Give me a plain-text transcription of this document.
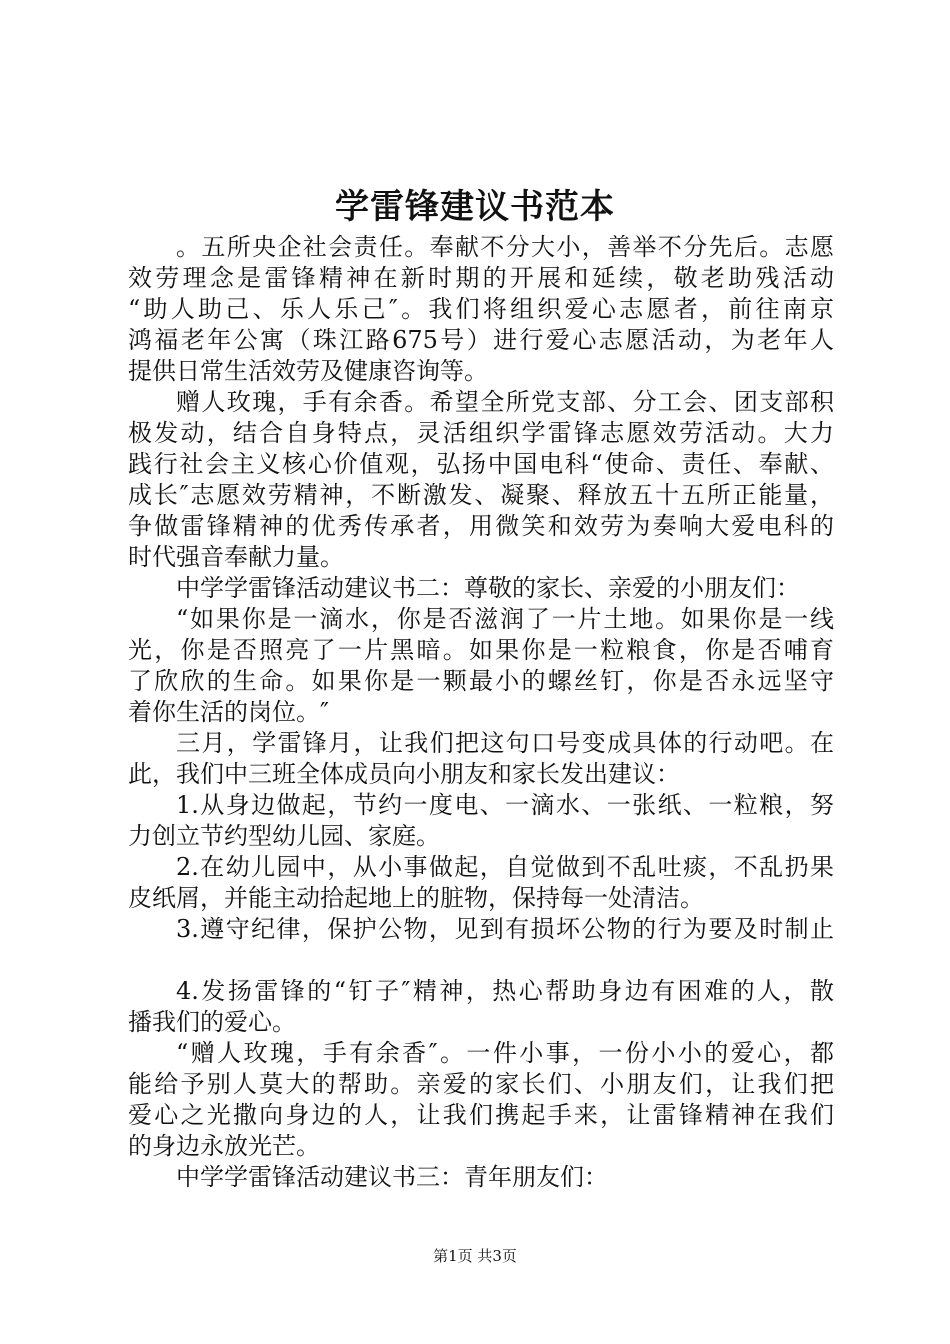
学雷锋建议书范本
。五所央企社会责任。奉献不分大小，善举不分先后。志愿
效劳理念是雷锋精神在新时期的开展和延续，敬老助残活动
“助人助己、乐人乐己″。我们将组织爱心志愿者，前往南京
鸿福老年公寓（珠江路675号）进行爱心志愿活动，为老年人
提供日常生活效劳及健康咨询等。
赠人玫瑰，手有余香。希望全所党支部、分工会、团支部积
极发动，结合自身特点，灵活组织学雷锋志愿效劳活动。大力
践行社会主义核心价值观，弘扬中国电科“使命、责任、奉献、
成长″志愿效劳精神，不断激发、凝聚、释放五十五所正能量，
争做雷锋精神的优秀传承者，用微笑和效劳为奏响大爱电科的
时代强音奉献力量。
中学学雷锋活动建议书二：尊敬的家长、亲爱的小朋友们：
“如果你是一滴水，你是否滋润了一片土地。如果你是一线
光，你是否照亮了一片黑暗。如果你是一粒粮食，你是否哺育
了欣欣的生命。如果你是一颗最小的螺丝钉，你是否永远坚守
着你生活的岗位。″
三月，学雷锋月，让我们把这句口号变成具体的行动吧。在
此，我们中三班全体成员向小朋友和家长发出建议：
1.从身边做起，节约一度电、一滴水、一张纸、一粒粮，努
力创立节约型幼儿园、家庭。
2.在幼儿园中，从小事做起，自觉做到不乱吐痰，不乱扔果
皮纸屑，并能主动拾起地上的脏物，保持每一处清洁。
3.遵守纪律，保护公物，见到有损坏公物的行为要及时制止
4.发扬雷锋的“钉子″精神，热心帮助身边有困难的人，散
播我们的爱心。
“赠人玫瑰，手有余香″。一件小事，一份小小的爱心，都
能给予别人莫大的帮助。亲爱的家长们、小朋友们，让我们把
爱心之光撒向身边的人，让我们携起手来，让雷锋精神在我们
的身边永放光芒。
中学学雷锋活动建议书三：青年朋友们：
第1页 共3页
